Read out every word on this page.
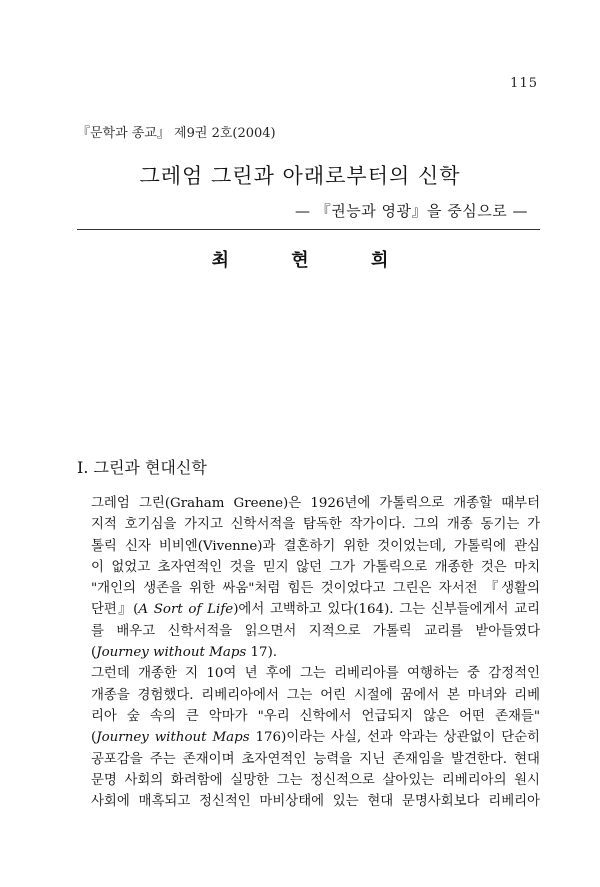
115
『문학과 종교』 제9권 2호(2004)
그레엄 그린과 아래로부터의 신학
— 『권능과 영광』을 중심으로 —
최 현 희
I. 그린과 현대신학

그레엄 그린(Graham Greene)은 1926년에 가톨릭으로 개종할 때부터
지적 호기심을 가지고 신학서적을 탐독한 작가이다. 그의 개종 동기는 가
톨릭 신자 비비엔(Vivenne)과 결혼하기 위한 것이었는데, 가톨릭에 관심
이 없었고 초자연적인 것을 믿지 않던 그가 가톨릭으로 개종한 것은 마치
"개인의 생존을 위한 싸움"처럼 힘든 것이었다고 그린은 자서전 『생활의
단편』(A Sort of Life)에서 고백하고 있다(164). 그는 신부들에게서 교리
를 배우고 신학서적을 읽으면서 지적으로 가톨릭 교리를 받아들였다
(Journey without Maps 17).

그런데 개종한 지 10여 년 후에 그는 리베리아를 여행하는 중 감정적인
개종을 경험했다. 리베리아에서 그는 어린 시절에 꿈에서 본 마녀와 리베
리아 숲 속의 큰 악마가 "우리 신학에서 언급되지 않은 어떤 존재들"
(Journey without Maps 176)이라는 사실, 선과 악과는 상관없이 단순히
공포감을 주는 존재이며 초자연적인 능력을 지닌 존재임을 발견한다. 현대
문명 사회의 화려함에 실망한 그는 정신적으로 살아있는 리베리아의 원시
사회에 매혹되고 정신적인 마비상태에 있는 현대 문명사회보다 리베리아
